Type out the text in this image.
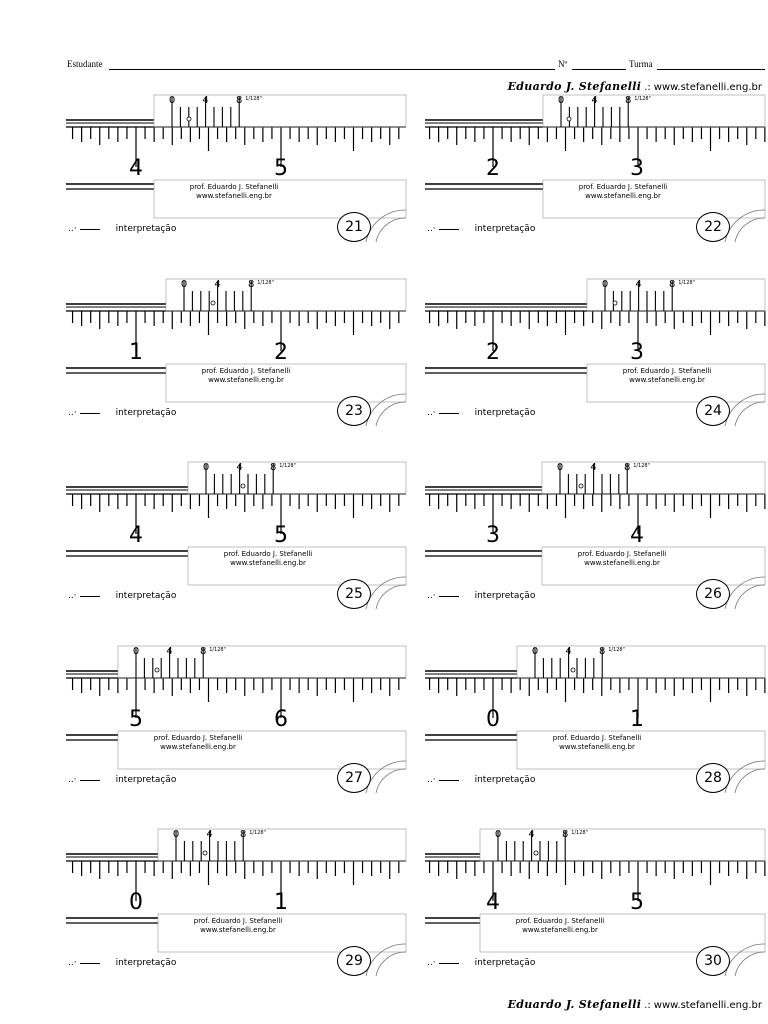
Estudante	Nº	Turma
Eduardo J. Stefanelli .: www.stefanelli.eng.br
Eduardo J. Stefanelli .: www.stefanelli.eng.br
4	5
0	4	8 1/128"
prof. Eduardo J. Stefanelli
www.stefanelli.eng.br
..·	interpretação	21
2	3
0	4	8 1/128"
prof. Eduardo J. Stefanelli
www.stefanelli.eng.br
..·	interpretação	22
1	2
0	4	8 1/128"
prof. Eduardo J. Stefanelli
www.stefanelli.eng.br
..·	interpretação	23
2	3
0	4	8 1/128"
prof. Eduardo J. Stefanelli
www.stefanelli.eng.br
..·	interpretação	24
4	5
0	4	8 1/128"
prof. Eduardo J. Stefanelli
www.stefanelli.eng.br
..·	interpretação	25
3	4
0	4	8 1/128"
prof. Eduardo J. Stefanelli
www.stefanelli.eng.br
..·	interpretação	26
5	6
0	4	8 1/128"
prof. Eduardo J. Stefanelli
www.stefanelli.eng.br
..·	interpretação	27
0	1
0	4	8 1/128"
prof. Eduardo J. Stefanelli
www.stefanelli.eng.br
..·	interpretação	28
0	1
0	4	8 1/128"
prof. Eduardo J. Stefanelli
www.stefanelli.eng.br
..·	interpretação	29
4	5
0	4	8 1/128"
prof. Eduardo J. Stefanelli
www.stefanelli.eng.br
..·	interpretação	30
